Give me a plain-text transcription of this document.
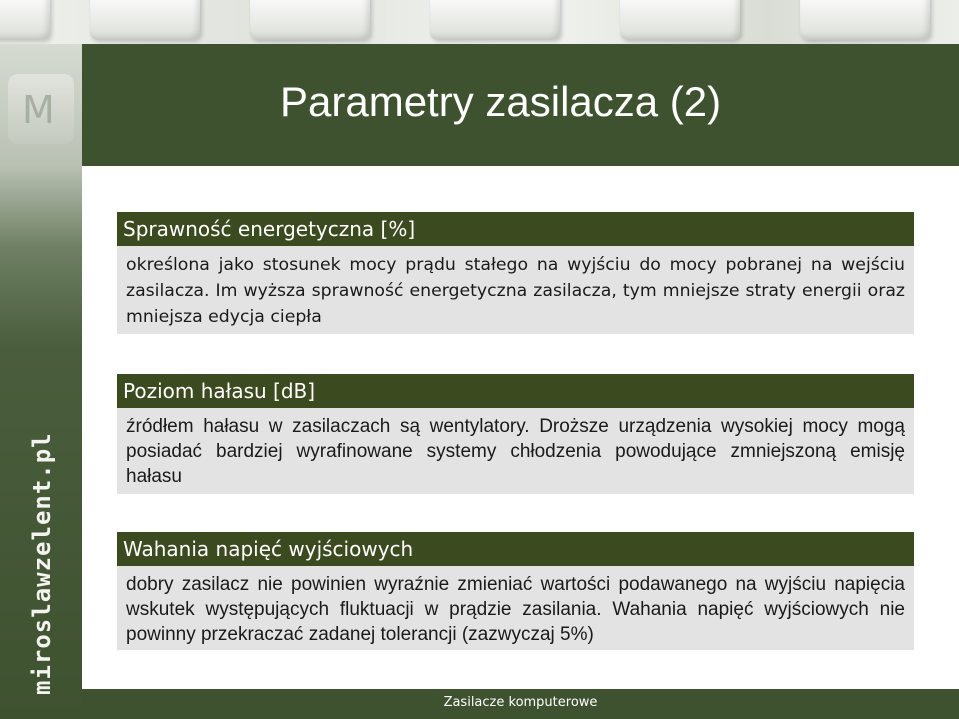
M
miroslawzelent.pl
Parametry zasilacza (2)
Sprawność energetyczna [%]
określona jako stosunek mocy prądu stałego na wyjściu do mocy pobranej na wejściu zasilacza. Im wyższa sprawność energetyczna zasilacza, tym mniejsze straty energii oraz mniejsza edycja ciepła
Poziom hałasu [dB]
źródłem hałasu w zasilaczach są wentylatory. Droższe urządzenia wysokiej mocy mogą posiadać bardziej wyrafinowane systemy chłodzenia powodujące zmniejszoną emisję hałasu
Wahania napięć wyjściowych
dobry zasilacz nie powinien wyraźnie zmieniać wartości podawanego na wyjściu napięcia wskutek występujących fluktuacji w prądzie zasilania. Wahania napięć wyjściowych nie powinny przekraczać zadanej tolerancji (zazwyczaj 5%)
Zasilacze komputerowe
